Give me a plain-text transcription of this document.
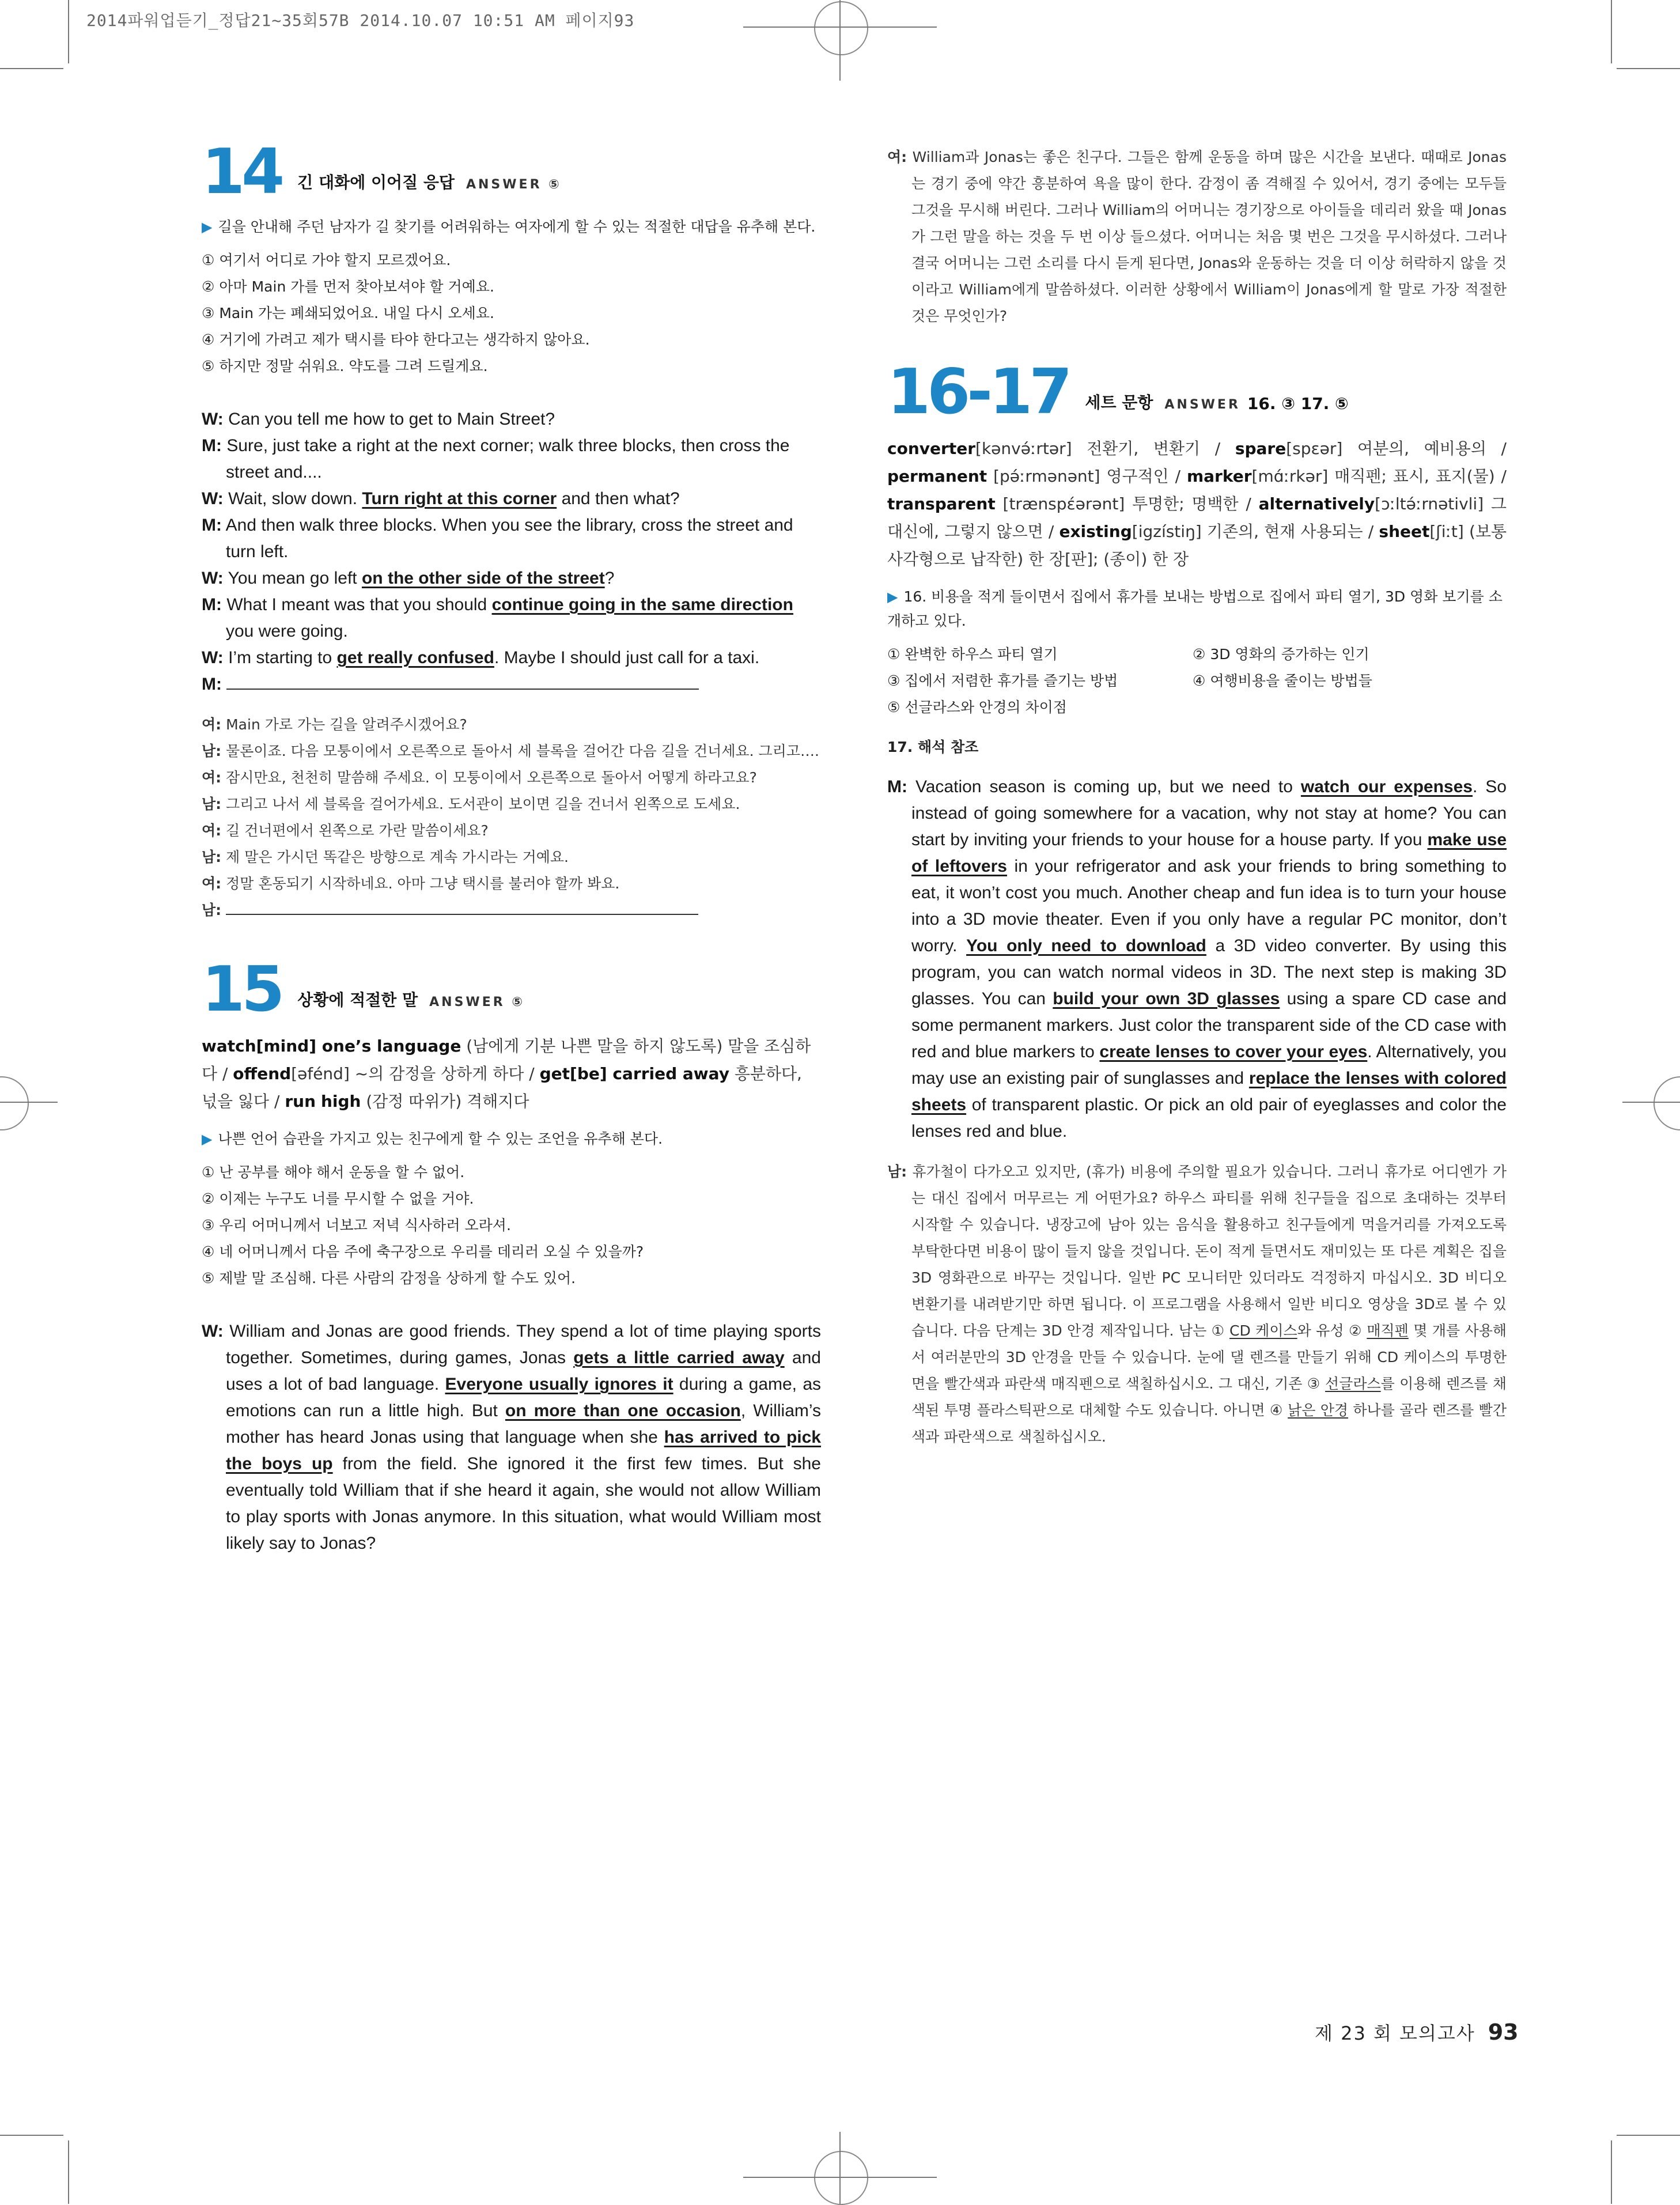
2014파워업듣기_정답21~35회57B 2014.10.07 10:51 AM 페이지93
14 긴 대화에 이어질 응답 ANSWER ⑤
▶ 길을 안내해 주던 남자가 길 찾기를 어려워하는 여자에게 할 수 있는 적절한 대답을 유추해 본다.
① 여기서 어디로 가야 할지 모르겠어요.
② 아마 Main 가를 먼저 찾아보셔야 할 거예요.
③ Main 가는 폐쇄되었어요. 내일 다시 오세요.
④ 거기에 가려고 제가 택시를 타야 한다고는 생각하지 않아요.
⑤ 하지만 정말 쉬워요. 약도를 그려 드릴게요.
W: Can you tell me how to get to Main Street?
M: Sure, just take a right at the next corner; walk three blocks, then cross the street and....
W: Wait, slow down. Turn right at this corner and then what?
M: And then walk three blocks. When you see the library, cross the street and turn left.
W: You mean go left on the other side of the street?
M: What I meant was that you should continue going in the same direction you were going.
W: I’m starting to get really confused. Maybe I should just call for a taxi.
M:
여: Main 가로 가는 길을 알려주시겠어요?
남: 물론이죠. 다음 모퉁이에서 오른쪽으로 돌아서 세 블록을 걸어간 다음 길을 건너세요. 그리고….
여: 잠시만요, 천천히 말씀해 주세요. 이 모퉁이에서 오른쪽으로 돌아서 어떻게 하라고요?
남: 그리고 나서 세 블록을 걸어가세요. 도서관이 보이면 길을 건너서 왼쪽으로 도세요.
여: 길 건너편에서 왼쪽으로 가란 말씀이세요?
남: 제 말은 가시던 똑같은 방향으로 계속 가시라는 거예요.
여: 정말 혼동되기 시작하네요. 아마 그냥 택시를 불러야 할까 봐요.
남:
15 상황에 적절한 말 ANSWER ⑤
watch[mind] one’s language (남에게 기분 나쁜 말을 하지 않도록) 말을 조심하다 / offend[əfénd] ~의 감정을 상하게 하다 / get[be] carried away 흥분하다, 넋을 잃다 / run high (감정 따위가) 격해지다
▶ 나쁜 언어 습관을 가지고 있는 친구에게 할 수 있는 조언을 유추해 본다.
① 난 공부를 해야 해서 운동을 할 수 없어.
② 이제는 누구도 너를 무시할 수 없을 거야.
③ 우리 어머니께서 너보고 저녁 식사하러 오라셔.
④ 네 어머니께서 다음 주에 축구장으로 우리를 데리러 오실 수 있을까?
⑤ 제발 말 조심해. 다른 사람의 감정을 상하게 할 수도 있어.
W: William and Jonas are good friends. They spend a lot of time playing sports together. Sometimes, during games, Jonas gets a little carried away and uses a lot of bad language. Everyone usually ignores it during a game, as emotions can run a little high. But on more than one occasion, William’s mother has heard Jonas using that language when she has arrived to pick the boys up from the field. She ignored it the first few times. But she eventually told William that if she heard it again, she would not allow William to play sports with Jonas anymore. In this situation, what would William most likely say to Jonas?
여: William과 Jonas는 좋은 친구다. 그들은 함께 운동을 하며 많은 시간을 보낸다. 때때로 Jonas는 경기 중에 약간 흥분하여 욕을 많이 한다. 감정이 좀 격해질 수 있어서, 경기 중에는 모두들 그것을 무시해 버린다. 그러나 William의 어머니는 경기장으로 아이들을 데리러 왔을 때 Jonas가 그런 말을 하는 것을 두 번 이상 들으셨다. 어머니는 처음 몇 번은 그것을 무시하셨다. 그러나 결국 어머니는 그런 소리를 다시 듣게 된다면, Jonas와 운동하는 것을 더 이상 허락하지 않을 것이라고 William에게 말씀하셨다. 이러한 상황에서 William이 Jonas에게 할 말로 가장 적절한 것은 무엇인가?
16-17 세트 문항 ANSWER 16. ③ 17. ⑤
converter[kənvə́ːrtər] 전환기, 변환기 / spare[spɛər] 여분의, 예비용의 / permanent [pə́ːrmənənt] 영구적인 / marker[mɑ́ːrkər] 매직펜; 표시, 표지(물) / transparent [trænspɛ́ərənt] 투명한; 명백한 / alternatively[ɔːltə́ːrnətivli] 그 대신에, 그렇지 않으면 / existing[igzístiŋ] 기존의, 현재 사용되는 / sheet[ʃiːt] (보통 사각형으로 납작한) 한 장[판]; (종이) 한 장
▶ 16. 비용을 적게 들이면서 집에서 휴가를 보내는 방법으로 집에서 파티 열기, 3D 영화 보기를 소개하고 있다.
① 완벽한 하우스 파티 열기	② 3D 영화의 증가하는 인기
③ 집에서 저렴한 휴가를 즐기는 방법	④ 여행비용을 줄이는 방법들
⑤ 선글라스와 안경의 차이점
17. 해석 참조
M: Vacation season is coming up, but we need to watch our expenses. So instead of going somewhere for a vacation, why not stay at home? You can start by inviting your friends to your house for a house party. If you make use of leftovers in your refrigerator and ask your friends to bring something to eat, it won’t cost you much. Another cheap and fun idea is to turn your house into a 3D movie theater. Even if you only have a regular PC monitor, don’t worry. You only need to download a 3D video converter. By using this program, you can watch normal videos in 3D. The next step is making 3D glasses. You can build your own 3D glasses using a spare CD case and some permanent markers. Just color the transparent side of the CD case with red and blue markers to create lenses to cover your eyes. Alternatively, you may use an existing pair of sunglasses and replace the lenses with colored sheets of transparent plastic. Or pick an old pair of eyeglasses and color the lenses red and blue.
남: 휴가철이 다가오고 있지만, (휴가) 비용에 주의할 필요가 있습니다. 그러니 휴가로 어디엔가 가는 대신 집에서 머무르는 게 어떤가요? 하우스 파티를 위해 친구들을 집으로 초대하는 것부터 시작할 수 있습니다. 냉장고에 남아 있는 음식을 활용하고 친구들에게 먹을거리를 가져오도록 부탁한다면 비용이 많이 들지 않을 것입니다. 돈이 적게 들면서도 재미있는 또 다른 계획은 집을 3D 영화관으로 바꾸는 것입니다. 일반 PC 모니터만 있더라도 걱정하지 마십시오. 3D 비디오 변환기를 내려받기만 하면 됩니다. 이 프로그램을 사용해서 일반 비디오 영상을 3D로 볼 수 있습니다. 다음 단계는 3D 안경 제작입니다. 남는 ① CD 케이스와 유성 ② 매직펜 몇 개를 사용해서 여러분만의 3D 안경을 만들 수 있습니다. 눈에 댈 렌즈를 만들기 위해 CD 케이스의 투명한 면을 빨간색과 파란색 매직펜으로 색칠하십시오. 그 대신, 기존 ③ 선글라스를 이용해 렌즈를 채색된 투명 플라스틱판으로 대체할 수도 있습니다. 아니면 ④ 낡은 안경 하나를 골라 렌즈를 빨간색과 파란색으로 색칠하십시오.
제 23 회 모의고사 93
